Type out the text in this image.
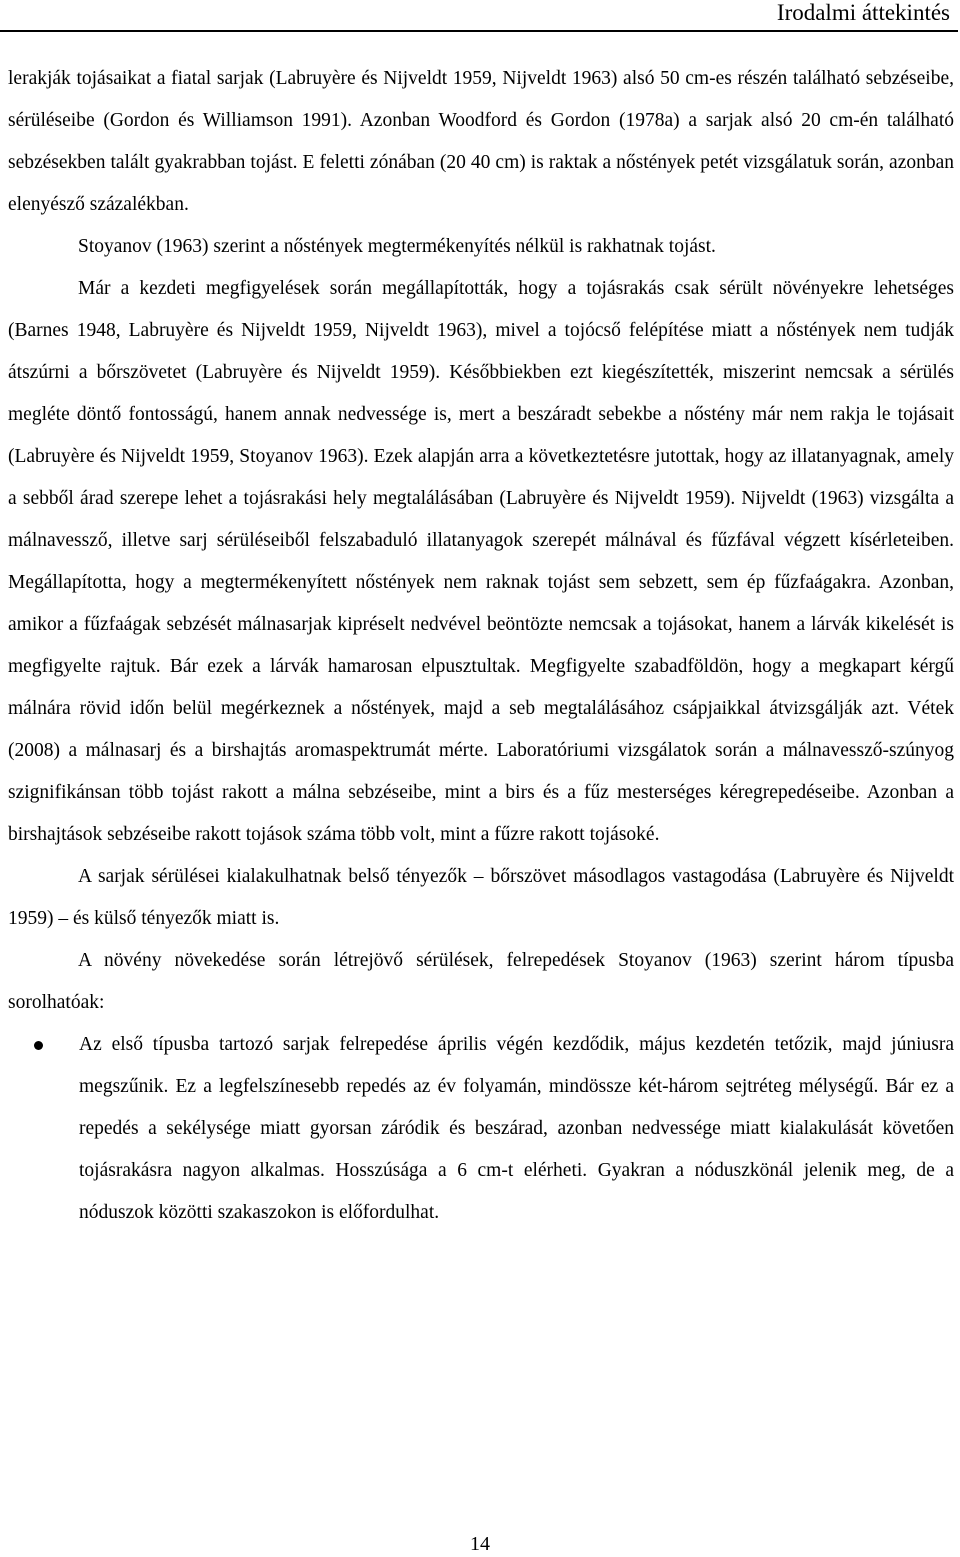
Irodalmi áttekintés

lerakják tojásaikat a fiatal sarjak (Labruyère és Nijveldt 1959, Nijveldt 1963) alsó 50 cm-es részén található sebzéseibe, sérüléseibe (Gordon és Williamson 1991). Azonban Woodford és Gordon (1978a) a sarjak alsó 20 cm-én található sebzésekben talált gyakrabban tojást. E feletti zónában (20 40 cm) is raktak a nőstények petét vizsgálatuk során, azonban elenyésző százalékban.

Stoyanov (1963) szerint a nőstények megtermékenyítés nélkül is rakhatnak tojást.

Már a kezdeti megfigyelések során megállapították, hogy a tojásrakás csak sérült növényekre lehetséges (Barnes 1948, Labruyère és Nijveldt 1959, Nijveldt 1963), mivel a tojócső felépítése miatt a nőstények nem tudják átszúrni a bőrszövetet (Labruyère és Nijveldt 1959). Későbbiekben ezt kiegészítették, miszerint nemcsak a sérülés megléte döntő fontosságú, hanem annak nedvessége is, mert a beszáradt sebekbe a nőstény már nem rakja le tojásait (Labruyère és Nijveldt 1959, Stoyanov 1963). Ezek alapján arra a következtetésre jutottak, hogy az illatanyagnak, amely a sebből árad szerepe lehet a tojásrakási hely megtalálásában (Labruyère és Nijveldt 1959). Nijveldt (1963) vizsgálta a málnavessző, illetve sarj sérüléseiből felszabaduló illatanyagok szerepét málnával és fűzfával végzett kísérleteiben. Megállapította, hogy a megtermékenyített nőstények nem raknak tojást sem sebzett, sem ép fűzfaágakra. Azonban, amikor a fűzfaágak sebzését málnasarjak kipréselt nedvével beöntözte nemcsak a tojásokat, hanem a lárvák kikelését is megfigyelte rajtuk. Bár ezek a lárvák hamarosan elpusztultak. Megfigyelte szabadföldön, hogy a megkapart kérgű málnára rövid időn belül megérkeznek a nőstények, majd a seb megtalálásához csápjaikkal átvizsgálják azt. Vétek (2008) a málnasarj és a birshajtás aromaspektrumát mérte. Laboratóriumi vizsgálatok során a málnavessző-szúnyog szignifikánsan több tojást rakott a málna sebzéseibe, mint a birs és a fűz mesterséges kéregrepedéseibe. Azonban a birshajtások sebzéseibe rakott tojások száma több volt, mint a fűzre rakott tojásoké.

A sarjak sérülései kialakulhatnak belső tényezők – bőrszövet másodlagos vastagodása (Labruyère és Nijveldt 1959) – és külső tényezők miatt is.

A növény növekedése során létrejövő sérülések, felrepedések Stoyanov (1963) szerint három típusba sorolhatóak:

Az első típusba tartozó sarjak felrepedése április végén kezdődik, május kezdetén tetőzik, majd júniusra megszűnik. Ez a legfelszínesebb repedés az év folyamán, mindössze két-három sejtréteg mélységű. Bár ez a repedés a sekélysége miatt gyorsan záródik és beszárad, azonban nedvessége miatt kialakulását követően tojásrakásra nagyon alkalmas. Hosszúsága a 6 cm-t elérheti. Gyakran a nóduszkönál jelenik meg, de a nóduszok közötti szakaszokon is előfordulhat.
14
